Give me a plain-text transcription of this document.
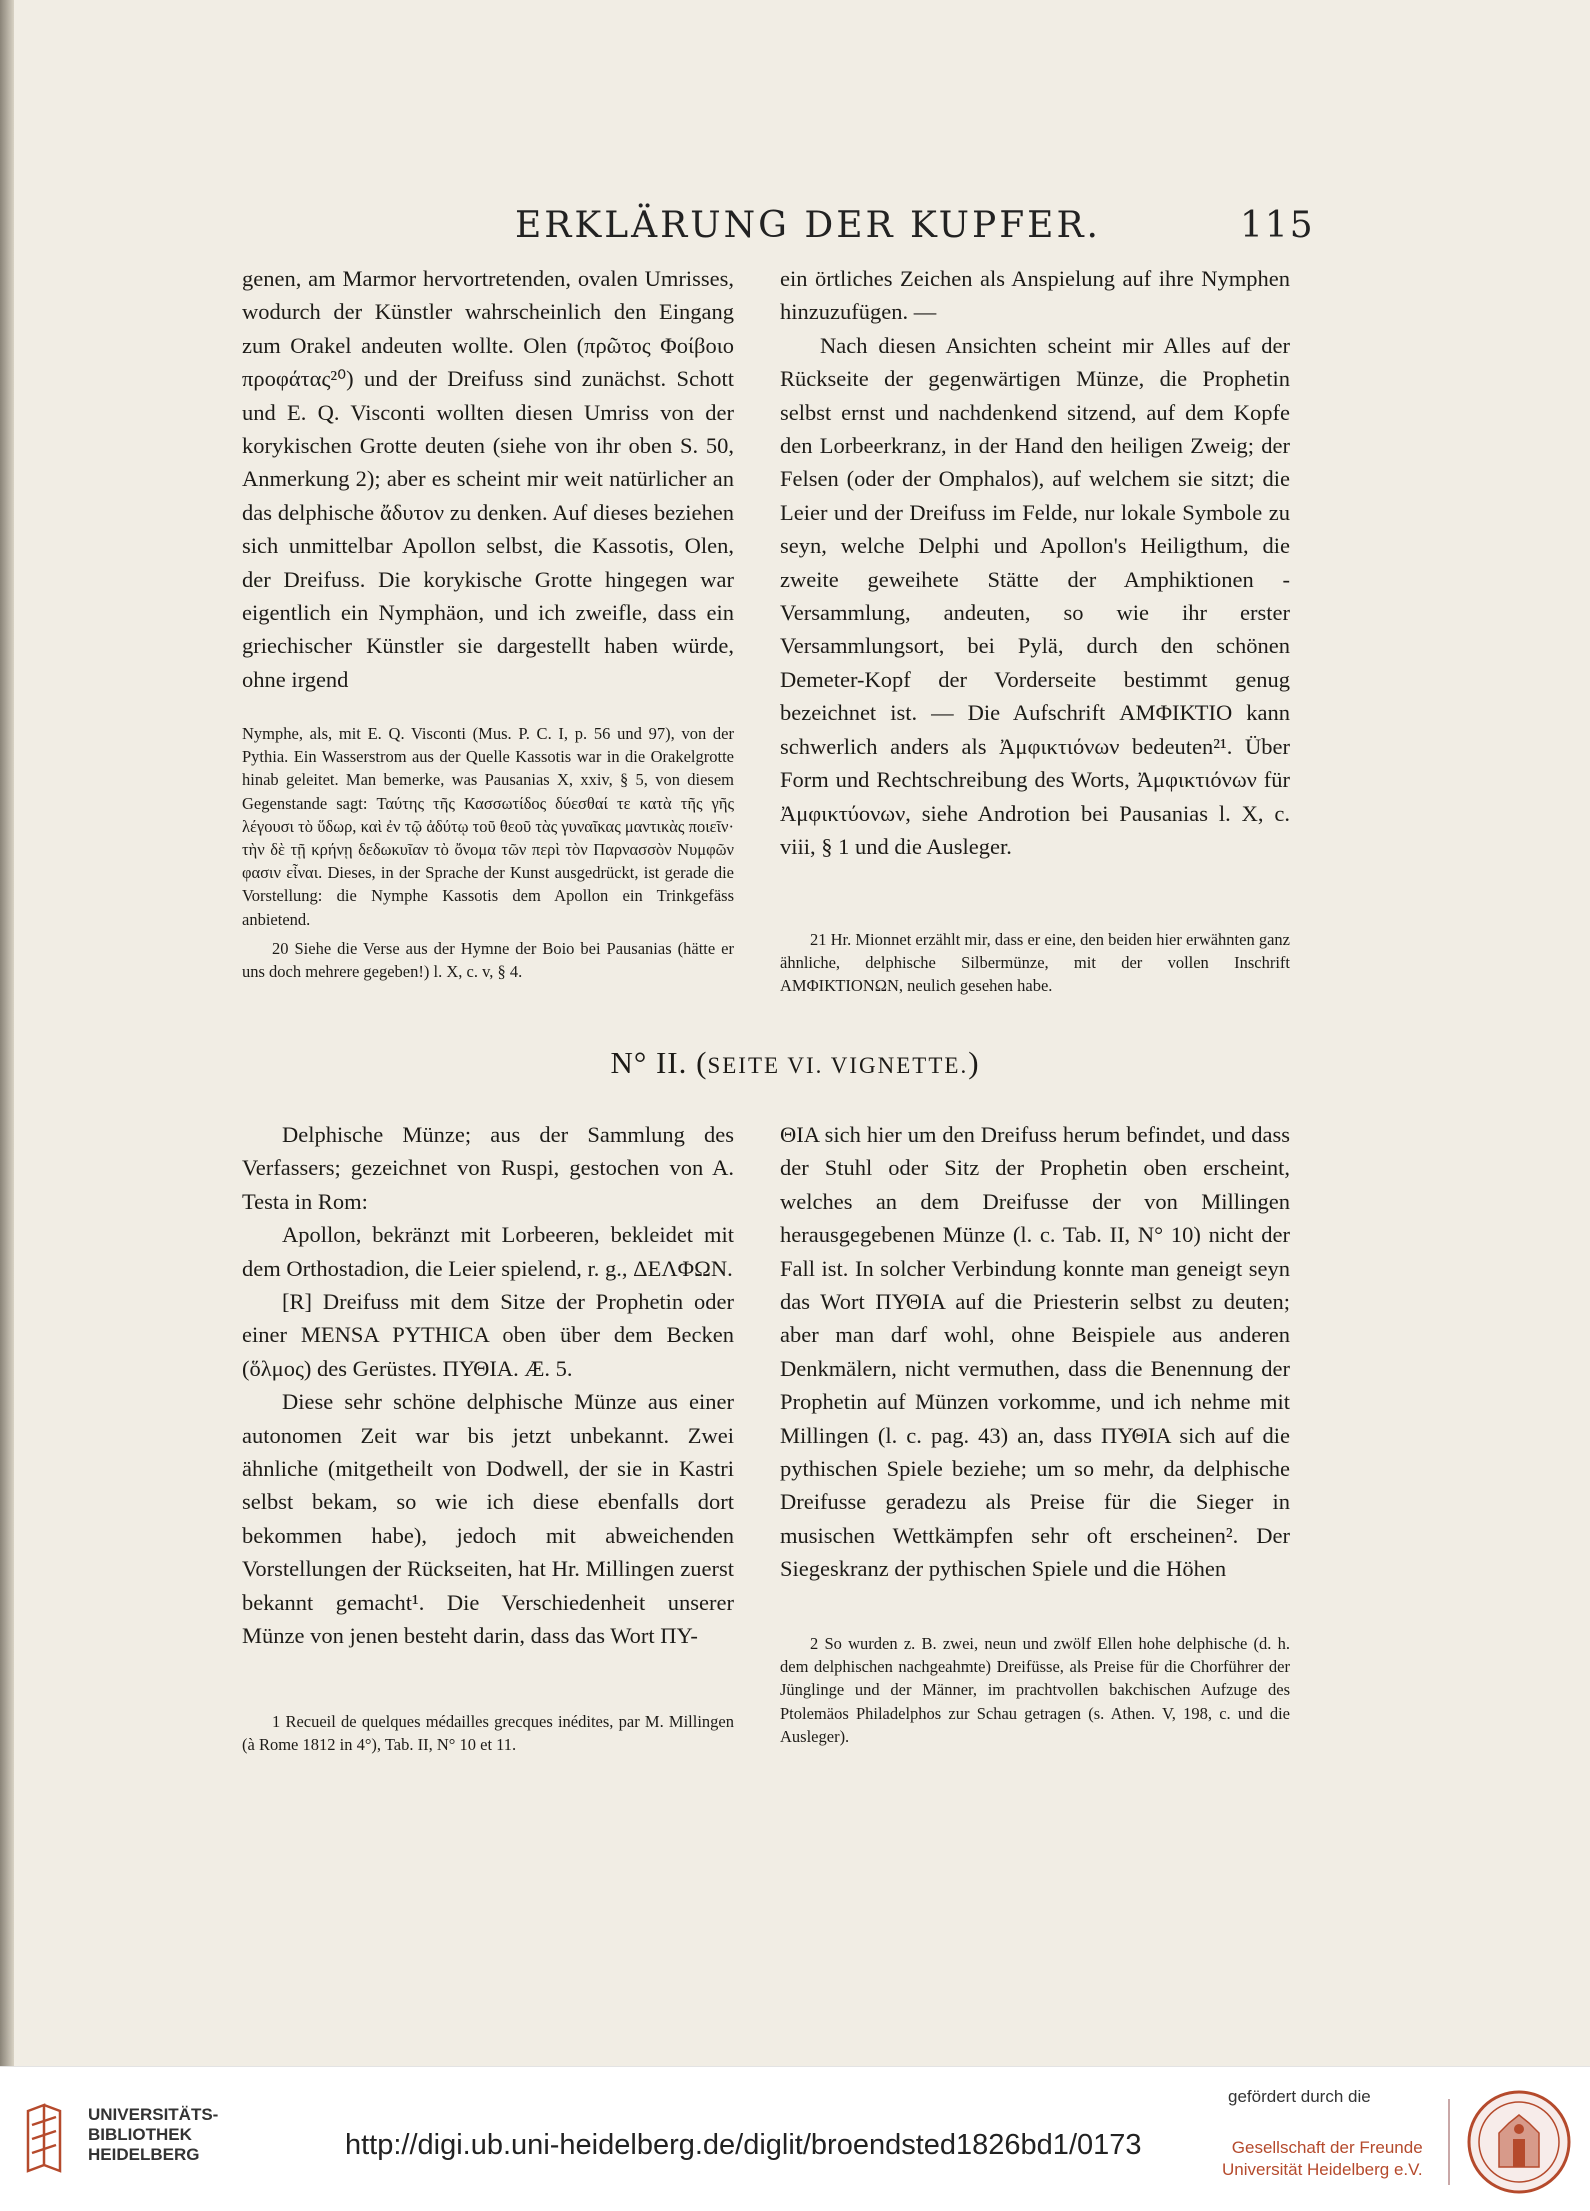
ERKLÄRUNG DER KUPFER.	115

genen, am Marmor hervortretenden, ovalen Umrisses, wodurch der Künstler wahrscheinlich den Eingang zum Orakel andeuten wollte. Olen (πρῶτος Φοίβοιο προφάτας²⁰) und der Dreifuss sind zunächst. Schott und E. Q. Visconti wollten diesen Umriss von der korykischen Grotte deuten (siehe von ihr oben S. 50, Anmerkung 2); aber es scheint mir weit natürlicher an das delphische ἄδυτον zu denken. Auf dieses beziehen sich unmittelbar Apollon selbst, die Kassotis, Olen, der Dreifuss. Die korykische Grotte hingegen war eigentlich ein Nymphäon, und ich zweifle, dass ein griechischer Künstler sie dargestellt haben würde, ohne irgend

Nymphe, als, mit E. Q. Visconti (Mus. P. C. I, p. 56 und 97), von der Pythia. Ein Wasserstrom aus der Quelle Kassotis war in die Orakelgrotte hinab geleitet. Man bemerke, was Pausanias X, xxiv, § 5, von diesem Gegenstande sagt: Ταύτης τῆς Κασσωτίδος δύεσθαί τε κατὰ τῆς γῆς λέγουσι τὸ ὕδωρ, καὶ ἐν τῷ ἀδύτῳ τοῦ θεοῦ τὰς γυναῖκας μαντικὰς ποιεῖν· τὴν δὲ τῇ κρήνῃ δεδωκυῖαν τὸ ὄνομα τῶν περὶ τὸν Παρνασσὸν Νυμφῶν φασιν εἶναι. Dieses, in der Sprache der Kunst ausgedrückt, ist gerade die Vorstellung: die Nymphe Kassotis dem Apollon ein Trinkgefäss anbietend.

20 Siehe die Verse aus der Hymne der Boio bei Pausanias (hätte er uns doch mehrere gegeben!) l. X, c. v, § 4.

ein örtliches Zeichen als Anspielung auf ihre Nymphen hinzuzufügen. —

Nach diesen Ansichten scheint mir Alles auf der Rückseite der gegenwärtigen Münze, die Prophetin selbst ernst und nachdenkend sitzend, auf dem Kopfe den Lorbeerkranz, in der Hand den heiligen Zweig; der Felsen (oder der Omphalos), auf welchem sie sitzt; die Leier und der Dreifuss im Felde, nur lokale Symbole zu seyn, welche Delphi und Apollon's Heiligthum, die zweite geweihete Stätte der Amphiktionen - Versammlung, andeuten, so wie ihr erster Versammlungsort, bei Pylä, durch den schönen Demeter-Kopf der Vorderseite bestimmt genug bezeichnet ist. — Die Aufschrift ΑΜΦΙΚΤΙΟ kann schwerlich anders als Ἀμφικτιόνων bedeuten²¹. Über Form und Rechtschreibung des Worts, Ἀμφικτιόνων für Ἀμφικτύονων, siehe Androtion bei Pausanias l. X, c. viii, § 1 und die Ausleger.

21 Hr. Mionnet erzählt mir, dass er eine, den beiden hier erwähnten ganz ähnliche, delphische Silbermünze, mit der vollen Inschrift ΑΜΦΙΚΤΙΟΝΩΝ, neulich gesehen habe.

N° II. (SEITE VI. VIGNETTE.)

Delphische Münze; aus der Sammlung des Verfassers; gezeichnet von Ruspi, gestochen von A. Testa in Rom:

Apollon, bekränzt mit Lorbeeren, bekleidet mit dem Orthostadion, die Leier spielend, r. g., ΔΕΛΦΩΝ.

[R] Dreifuss mit dem Sitze der Prophetin oder einer MENSA PYTHICA oben über dem Becken (ὅλμος) des Gerüstes. ΠΥΘΙΑ. Æ. 5.

Diese sehr schöne delphische Münze aus einer autonomen Zeit war bis jetzt unbekannt. Zwei ähnliche (mitgetheilt von Dodwell, der sie in Kastri selbst bekam, so wie ich diese ebenfalls dort bekommen habe), jedoch mit abweichenden Vorstellungen der Rückseiten, hat Hr. Millingen zuerst bekannt gemacht¹. Die Verschiedenheit unserer Münze von jenen besteht darin, dass das Wort ΠΥ-

1 Recueil de quelques médailles grecques inédites, par M. Millingen (à Rome 1812 in 4°), Tab. II, N° 10 et 11.

ΘΙΑ sich hier um den Dreifuss herum befindet, und dass der Stuhl oder Sitz der Prophetin oben erscheint, welches an dem Dreifusse der von Millingen herausgegebenen Münze (l. c. Tab. II, N° 10) nicht der Fall ist. In solcher Verbindung konnte man geneigt seyn das Wort ΠΥΘΙΑ auf die Priesterin selbst zu deuten; aber man darf wohl, ohne Beispiele aus anderen Denkmälern, nicht vermuthen, dass die Benennung der Prophetin auf Münzen vorkomme, und ich nehme mit Millingen (l. c. pag. 43) an, dass ΠΥΘΙΑ sich auf die pythischen Spiele beziehe; um so mehr, da delphische Dreifusse geradezu als Preise für die Sieger in musischen Wettkämpfen sehr oft erscheinen². Der Siegeskranz der pythischen Spiele und die Höhen

2 So wurden z. B. zwei, neun und zwölf Ellen hohe delphische (d. h. dem delphischen nachgeahmte) Dreifüsse, als Preise für die Chorführer der Jünglinge und der Männer, im prachtvollen bakchischen Aufzuge des Ptolemäos Philadelphos zur Schau getragen (s. Athen. V, 198, c. und die Ausleger).

UNIVERSITÄTS-
BIBLIOTHEK
HEIDELBERG	http://digi.ub.uni-heidelberg.de/diglit/broendsted1826bd1/0173
gefördert durch die
Gesellschaft der Freunde
Universität Heidelberg e.V.
